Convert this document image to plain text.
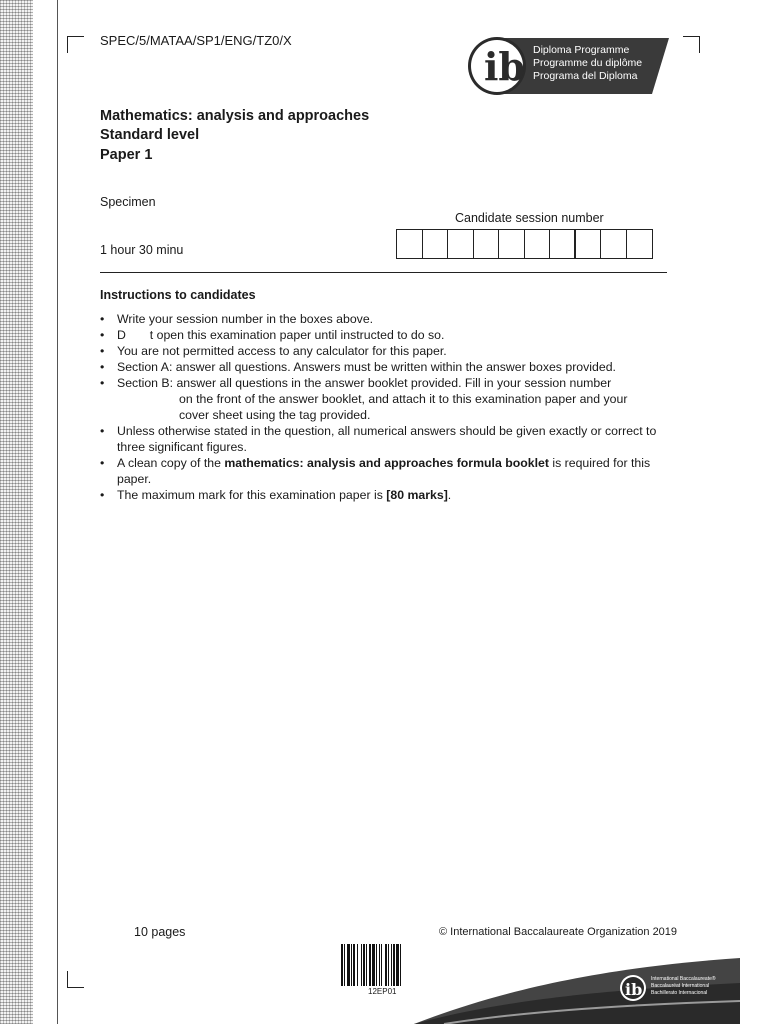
SPEC/5/MATAA/SP1/ENG/TZ0/X
ib Diploma Programme
Programme du diplôme
Programa del Diploma
Mathematics: analysis and approaches
Standard level
Paper 1
Specimen
1 hour 30 minu
Candidate session number
Instructions to candidates
• Write your session number in the boxes above.
• D       t open this examination paper until instructed to do so.
• You are not permitted access to any calculator for this paper.
• Section A: answer all questions. Answers must be written within the answer boxes provided.
• Section B: answer all questions in the answer booklet provided. Fill in your session number
on the front of the answer booklet, and attach it to this examination paper and your
cover sheet using the tag provided.
• Unless otherwise stated in the question, all numerical answers should be given exactly or correct to three significant figures.
• A clean copy of the mathematics: analysis and approaches formula booklet is required for this paper.
• The maximum mark for this examination paper is [80 marks].
10 pages	© International Baccalaureate Organization 2019
12EP01	ib
International Baccalaureate®
Baccalauréat International
Bachillerato Internacional
